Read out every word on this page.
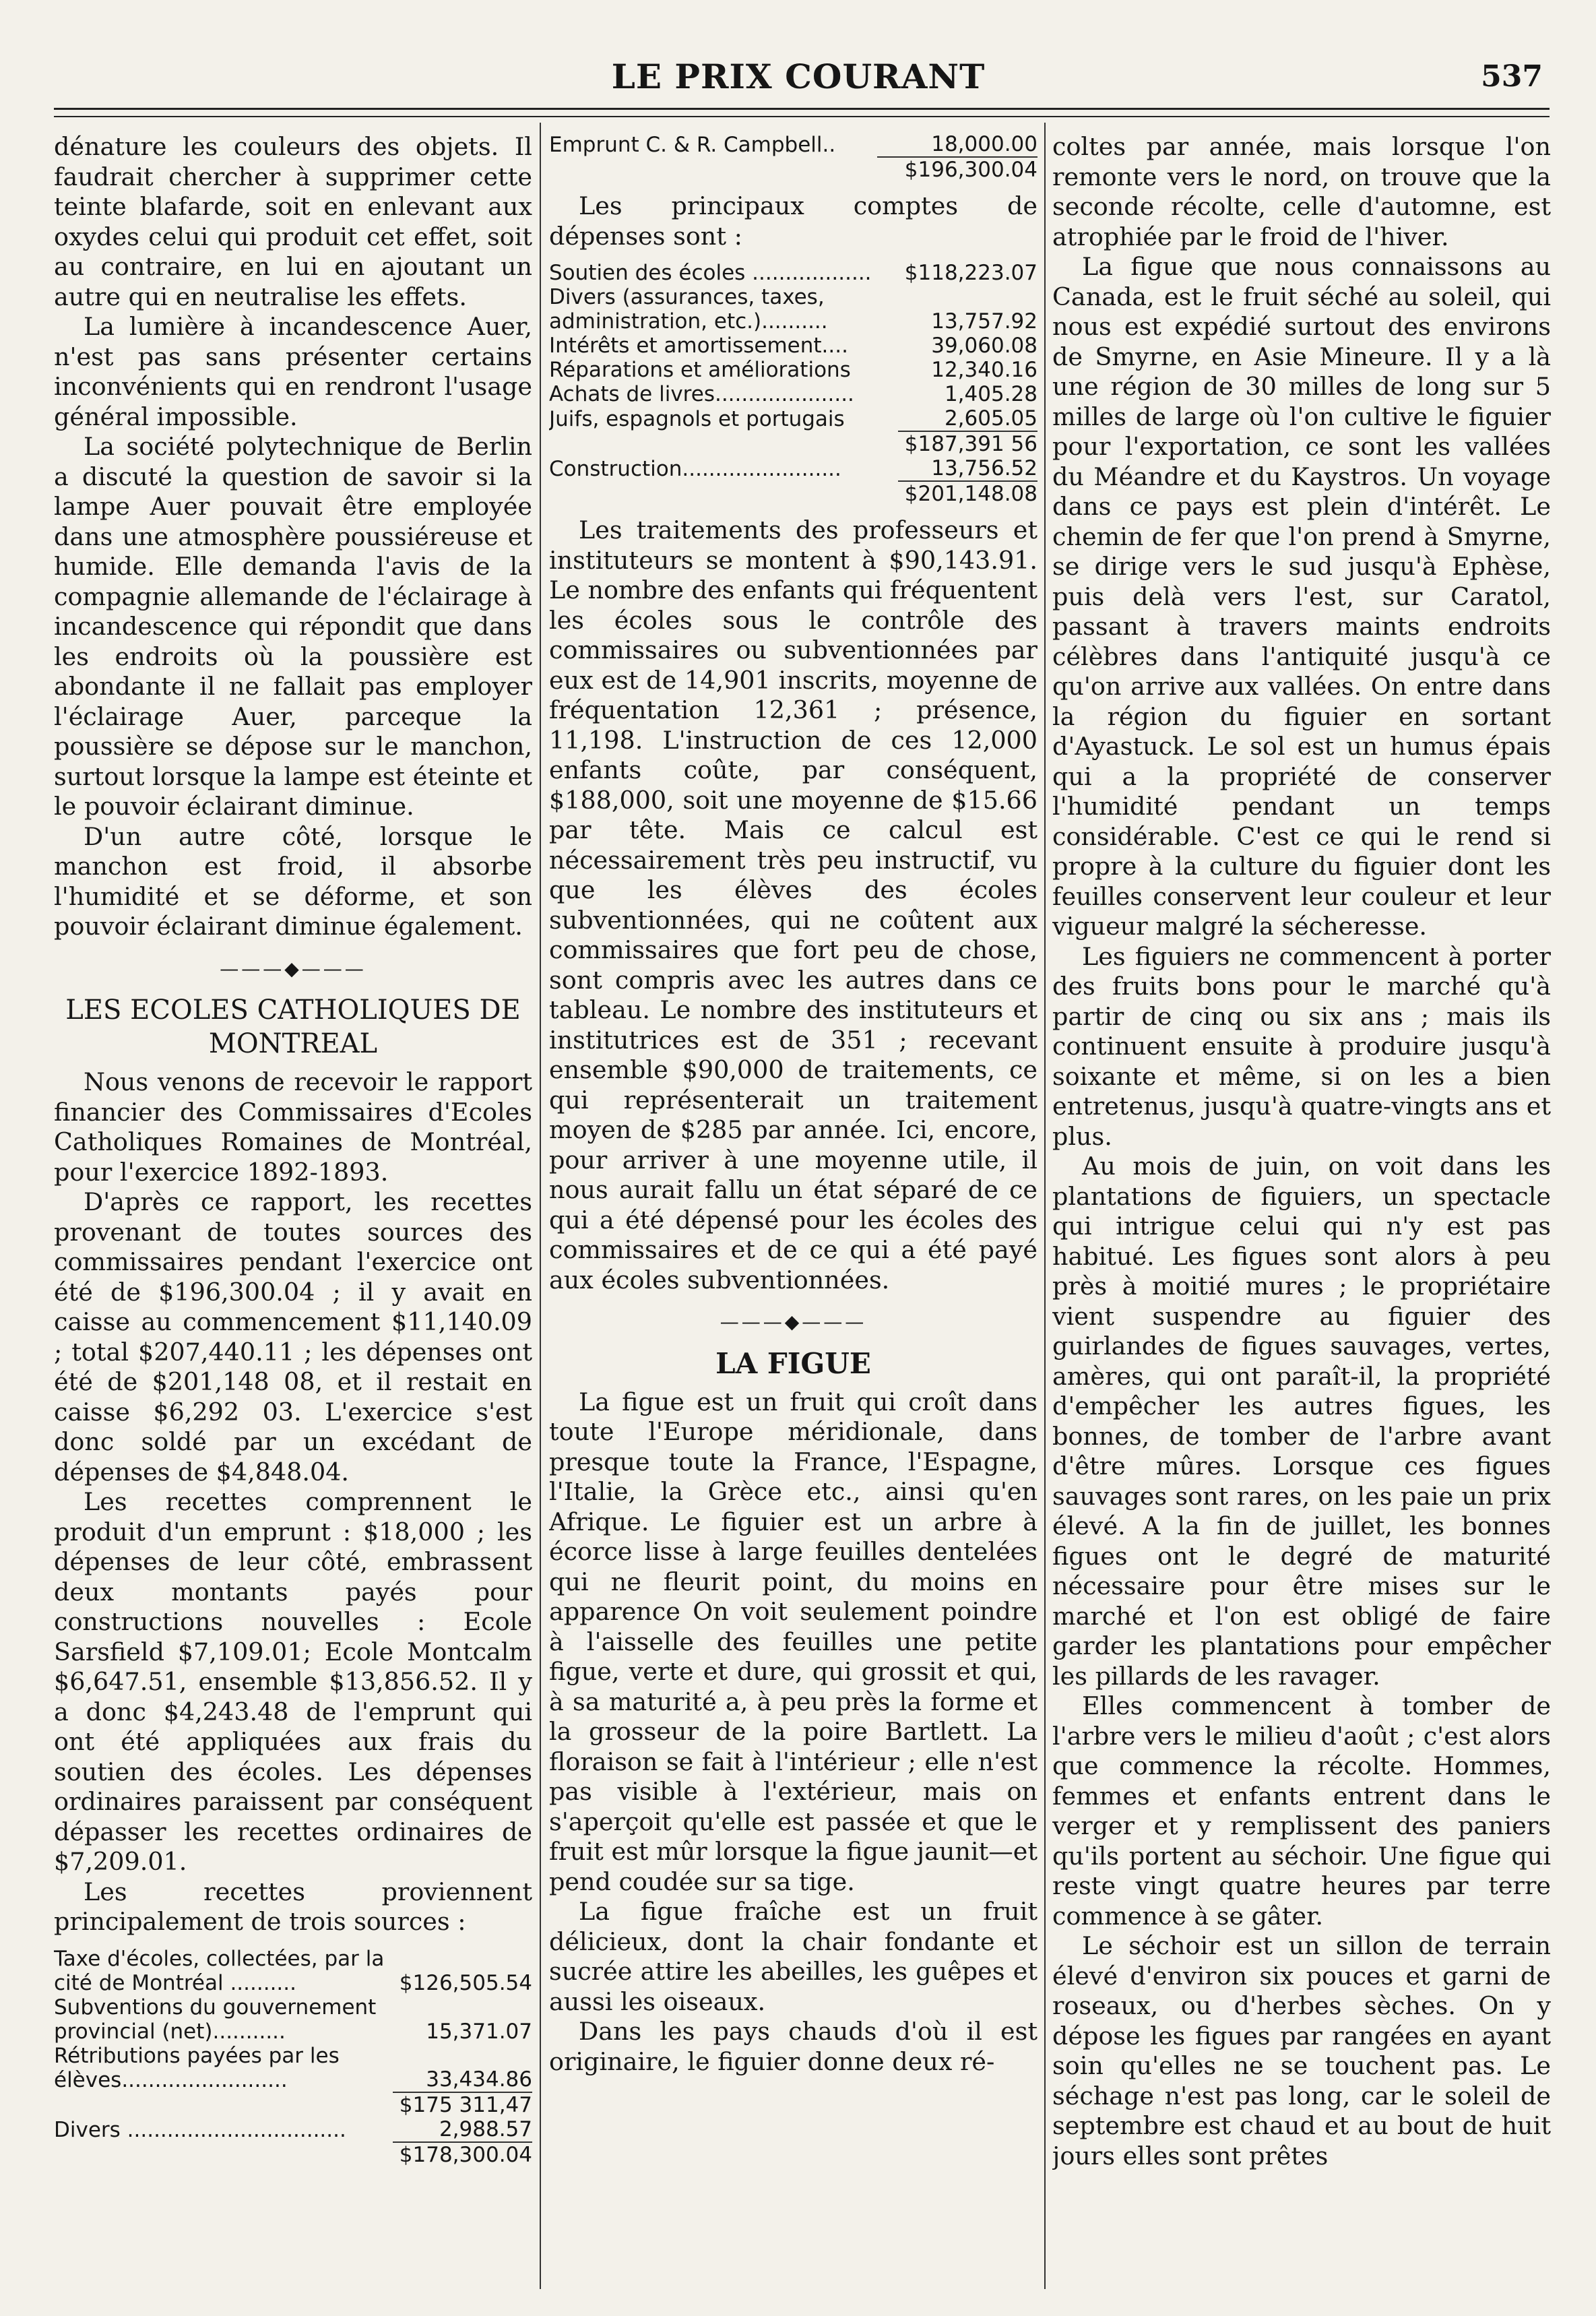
LE PRIX COURANT	537

dénature les couleurs des objets. Il faudrait chercher à supprimer cette teinte blafarde, soit en enlevant aux oxydes celui qui produit cet effet, soit au contraire, en lui en ajoutant un autre qui en neutralise les effets.

La lumière à incandescence Auer, n'est pas sans présenter certains inconvénients qui en rendront l'usage général impossible.

La société polytechnique de Berlin a discuté la question de savoir si la lampe Auer pouvait être employée dans une atmosphère poussiéreuse et humide. Elle demanda l'avis de la compagnie allemande de l'éclairage à incandescence qui répondit que dans les endroits où la poussière est abondante il ne fallait pas employer l'éclairage Auer, parceque la poussière se dépose sur le manchon, surtout lorsque la lampe est éteinte et le pouvoir éclairant diminue.

D'un autre côté, lorsque le manchon est froid, il absorbe l'humidité et se déforme, et son pouvoir éclairant diminue également.

———◆———
LES ECOLES CATHOLIQUES DE MONTREAL

Nous venons de recevoir le rapport financier des Commissaires d'Ecoles Catholiques Romaines de Montréal, pour l'exercice 1892-1893.

D'après ce rapport, les recettes provenant de toutes sources des commissaires pendant l'exercice ont été de $196,300.04 ; il y avait en caisse au commencement $11,140.09 ; total $207,440.11 ; les dépenses ont été de $201,148 08, et il restait en caisse $6,292 03. L'exercice s'est donc soldé par un excédant de dépenses de $4,848.04.

Les recettes comprennent le produit d'un emprunt : $18,000 ; les dépenses de leur côté, embrassent deux montants payés pour constructions nouvelles : Ecole Sarsfield $7,109.01; Ecole Montcalm $6,647.51, ensemble $13,856.52. Il y a donc $4,243.48 de l'emprunt qui ont été appliquées aux frais du soutien des écoles. Les dépenses ordinaires paraissent par conséquent dépasser les recettes ordinaires de $7,209.01.

Les recettes proviennent principalement de trois sources :

Taxe d'écoles, collectées, par la cité de Montréal ..........	$126,505.54
Subventions du gouvernement provincial (net)...........	15,371.07
Rétributions payées par les élèves.........................	33,434.86
	$175 311,47
Divers .................................	2,988.57
	$178,300.04
Emprunt C. & R. Campbell..	18,000.00
	$196,300.04

Les principaux comptes de dépenses sont :

Soutien des écoles ..................	$118,223.07
Divers (assurances, taxes, administration, etc.)..........	13,757.92
Intérêts et amortissement....	39,060.08
Réparations et améliorations	12,340.16
Achats de livres.....................	1,405.28
Juifs, espagnols et portugais	2,605.05
	$187,391 56
Construction........................	13,756.52
	$201,148.08

Les traitements des professeurs et instituteurs se montent à $90,143.91. Le nombre des enfants qui fréquentent les écoles sous le contrôle des commissaires ou subventionnées par eux est de 14,901 inscrits, moyenne de fréquentation 12,361 ; présence, 11,198. L'instruction de ces 12,000 enfants coûte, par conséquent, $188,000, soit une moyenne de $15.66 par tête. Mais ce calcul est nécessairement très peu instructif, vu que les élèves des écoles subventionnées, qui ne coûtent aux commissaires que fort peu de chose, sont compris avec les autres dans ce tableau. Le nombre des instituteurs et institutrices est de 351 ; recevant ensemble $90,000 de traitements, ce qui représenterait un traitement moyen de $285 par année. Ici, encore, pour arriver à une moyenne utile, il nous aurait fallu un état séparé de ce qui a été dépensé pour les écoles des commissaires et de ce qui a été payé aux écoles subventionnées.

———◆———
LA FIGUE

La figue est un fruit qui croît dans toute l'Europe méridionale, dans presque toute la France, l'Espagne, l'Italie, la Grèce etc., ainsi qu'en Afrique. Le figuier est un arbre à écorce lisse à large feuilles dentelées qui ne fleurit point, du moins en apparence On voit seulement poindre à l'aisselle des feuilles une petite figue, verte et dure, qui grossit et qui, à sa maturité a, à peu près la forme et la grosseur de la poire Bartlett. La floraison se fait à l'intérieur ; elle n'est pas visible à l'extérieur, mais on s'aperçoit qu'elle est passée et que le fruit est mûr lorsque la figue jaunit—et pend coudée sur sa tige.

La figue fraîche est un fruit délicieux, dont la chair fondante et sucrée attire les abeilles, les guêpes et aussi les oiseaux.

Dans les pays chauds d'où il est originaire, le figuier donne deux ré-

coltes par année, mais lorsque l'on remonte vers le nord, on trouve que la seconde récolte, celle d'automne, est atrophiée par le froid de l'hiver.

La figue que nous connaissons au Canada, est le fruit séché au soleil, qui nous est expédié surtout des environs de Smyrne, en Asie Mineure. Il y a là une région de 30 milles de long sur 5 milles de large où l'on cultive le figuier pour l'exportation, ce sont les vallées du Méandre et du Kaystros. Un voyage dans ce pays est plein d'intérêt. Le chemin de fer que l'on prend à Smyrne, se dirige vers le sud jusqu'à Ephèse, puis delà vers l'est, sur Caratol, passant à travers maints endroits célèbres dans l'antiquité jusqu'à ce qu'on arrive aux vallées. On entre dans la région du figuier en sortant d'Ayastuck. Le sol est un humus épais qui a la propriété de conserver l'humidité pendant un temps considérable. C'est ce qui le rend si propre à la culture du figuier dont les feuilles conservent leur couleur et leur vigueur malgré la sécheresse.

Les figuiers ne commencent à porter des fruits bons pour le marché qu'à partir de cinq ou six ans ; mais ils continuent ensuite à produire jusqu'à soixante et même, si on les a bien entretenus, jusqu'à quatre-vingts ans et plus.

Au mois de juin, on voit dans les plantations de figuiers, un spectacle qui intrigue celui qui n'y est pas habitué. Les figues sont alors à peu près à moitié mures ; le propriétaire vient suspendre au figuier des guirlandes de figues sauvages, vertes, amères, qui ont paraît-il, la propriété d'empêcher les autres figues, les bonnes, de tomber de l'arbre avant d'être mûres. Lorsque ces figues sauvages sont rares, on les paie un prix élevé. A la fin de juillet, les bonnes figues ont le degré de maturité nécessaire pour être mises sur le marché et l'on est obligé de faire garder les plantations pour empêcher les pillards de les ravager.

Elles commencent à tomber de l'arbre vers le milieu d'août ; c'est alors que commence la récolte. Hommes, femmes et enfants entrent dans le verger et y remplissent des paniers qu'ils portent au séchoir. Une figue qui reste vingt quatre heures par terre commence à se gâter.

Le séchoir est un sillon de terrain élevé d'environ six pouces et garni de roseaux, ou d'herbes sèches. On y dépose les figues par rangées en ayant soin qu'elles ne se touchent pas. Le séchage n'est pas long, car le soleil de septembre est chaud et au bout de huit jours elles sont prêtes
